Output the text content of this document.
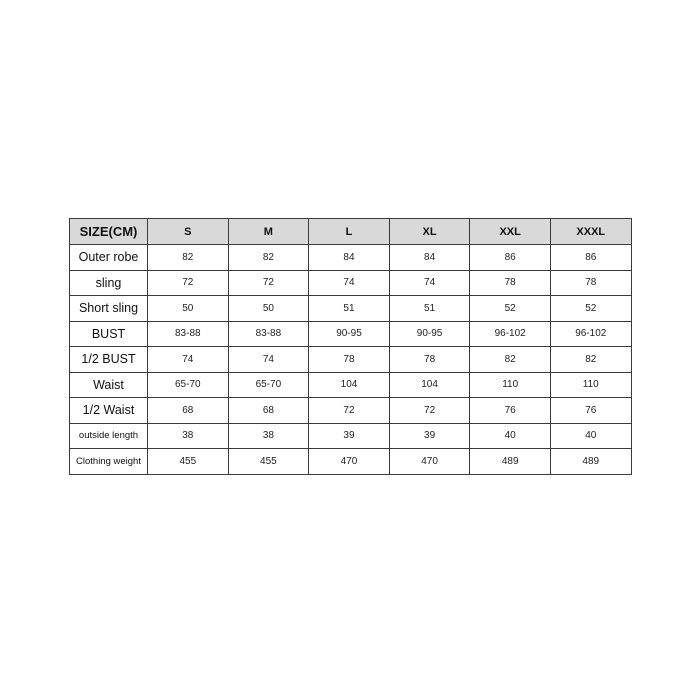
SIZE(CM)	S	M	L	XL	XXL	XXXL
Outer robe	82	82	84	84	86	86
sling	72	72	74	74	78	78
Short sling	50	50	51	51	52	52
BUST	83-88	83-88	90-95	90-95	96-102	96-102
1/2 BUST	74	74	78	78	82	82
Waist	65-70	65-70	104	104	110	110
1/2 Waist	68	68	72	72	76	76
outside length	38	38	39	39	40	40
Clothing weight	455	455	470	470	489	489
